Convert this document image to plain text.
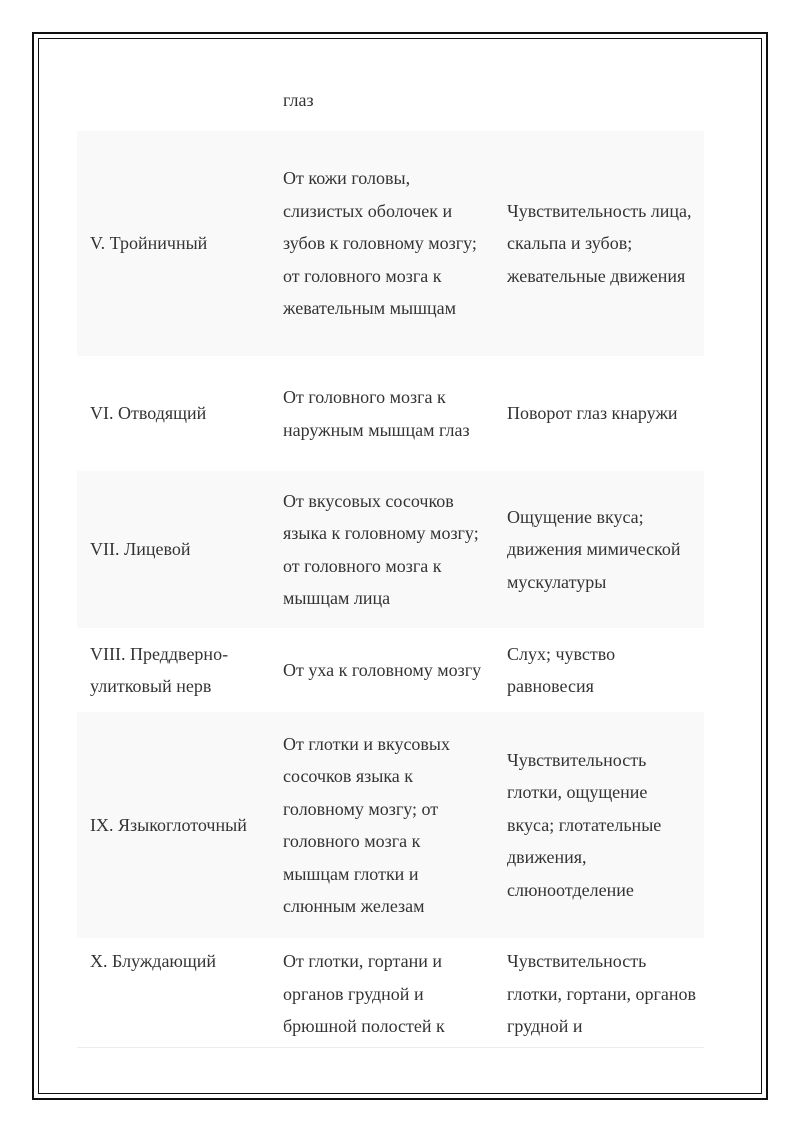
глаз
V. Тройничный
От кожи головы, слизистых оболочек и зубов к головному мозгу; от головного мозга к жевательным мышцам
Чувствительность лица, скальпа и зубов; жевательные движения
VI. Отводящий
От головного мозга к наружным мышцам глаз
Поворот глаз кнаружи
VII. Лицевой
От вкусовых сосочков языка к головному мозгу; от головного мозга к мышцам лица
Ощущение вкуса; движения мимической мускулатуры
VIII. Преддверно-улитковый нерв
От уха к головному мозгу
Слух; чувство равновесия
IX. Языкоглоточный
От глотки и вкусовых сосочков языка к головному мозгу; от головного мозга к мышцам глотки и слюнным железам
Чувствительность глотки, ощущение вкуса; глотательные движения, слюноотделение
X. Блуждающий	От глотки, гортани и органов грудной и брюшной полостей к
Чувствительность глотки, гортани, органов грудной и
